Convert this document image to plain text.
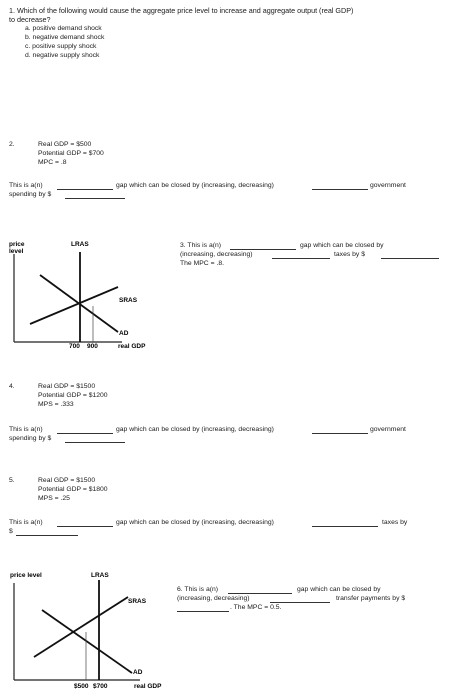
1. Which of the following would cause the aggregate price level to increase and aggregate output (real GDP)
to decrease?
a. positive demand shock
b. negative demand shock
c. positive supply shock
d. negative supply shock
2.	Real GDP = $500
Potential GDP = $700
MPC = .8
This is a(n)	gap which can be closed by (increasing, decreasing)	government
spending by $
price
level
LRAS
SRAS
AD
700 900	real GDP
3. This is a(n)	gap which can be closed by
(increasing, decreasing)	taxes by $
The MPC = .8.
4.	Real GDP = $1500
Potential GDP = $1200
MPS = .333
This is a(n)	gap which can be closed by (increasing, decreasing)	government
spending by $
5.	Real GDP = $1500
Potential GDP = $1800
MPS = .25
This is a(n)	gap which can be closed by (increasing, decreasing)	taxes by
$
price level	LRAS
SRAS
AD
$500 $700	real GDP
6. This is a(n)	gap which can be closed by
(increasing, decreasing)	transfer payments by $
. The MPC = 0.5.
